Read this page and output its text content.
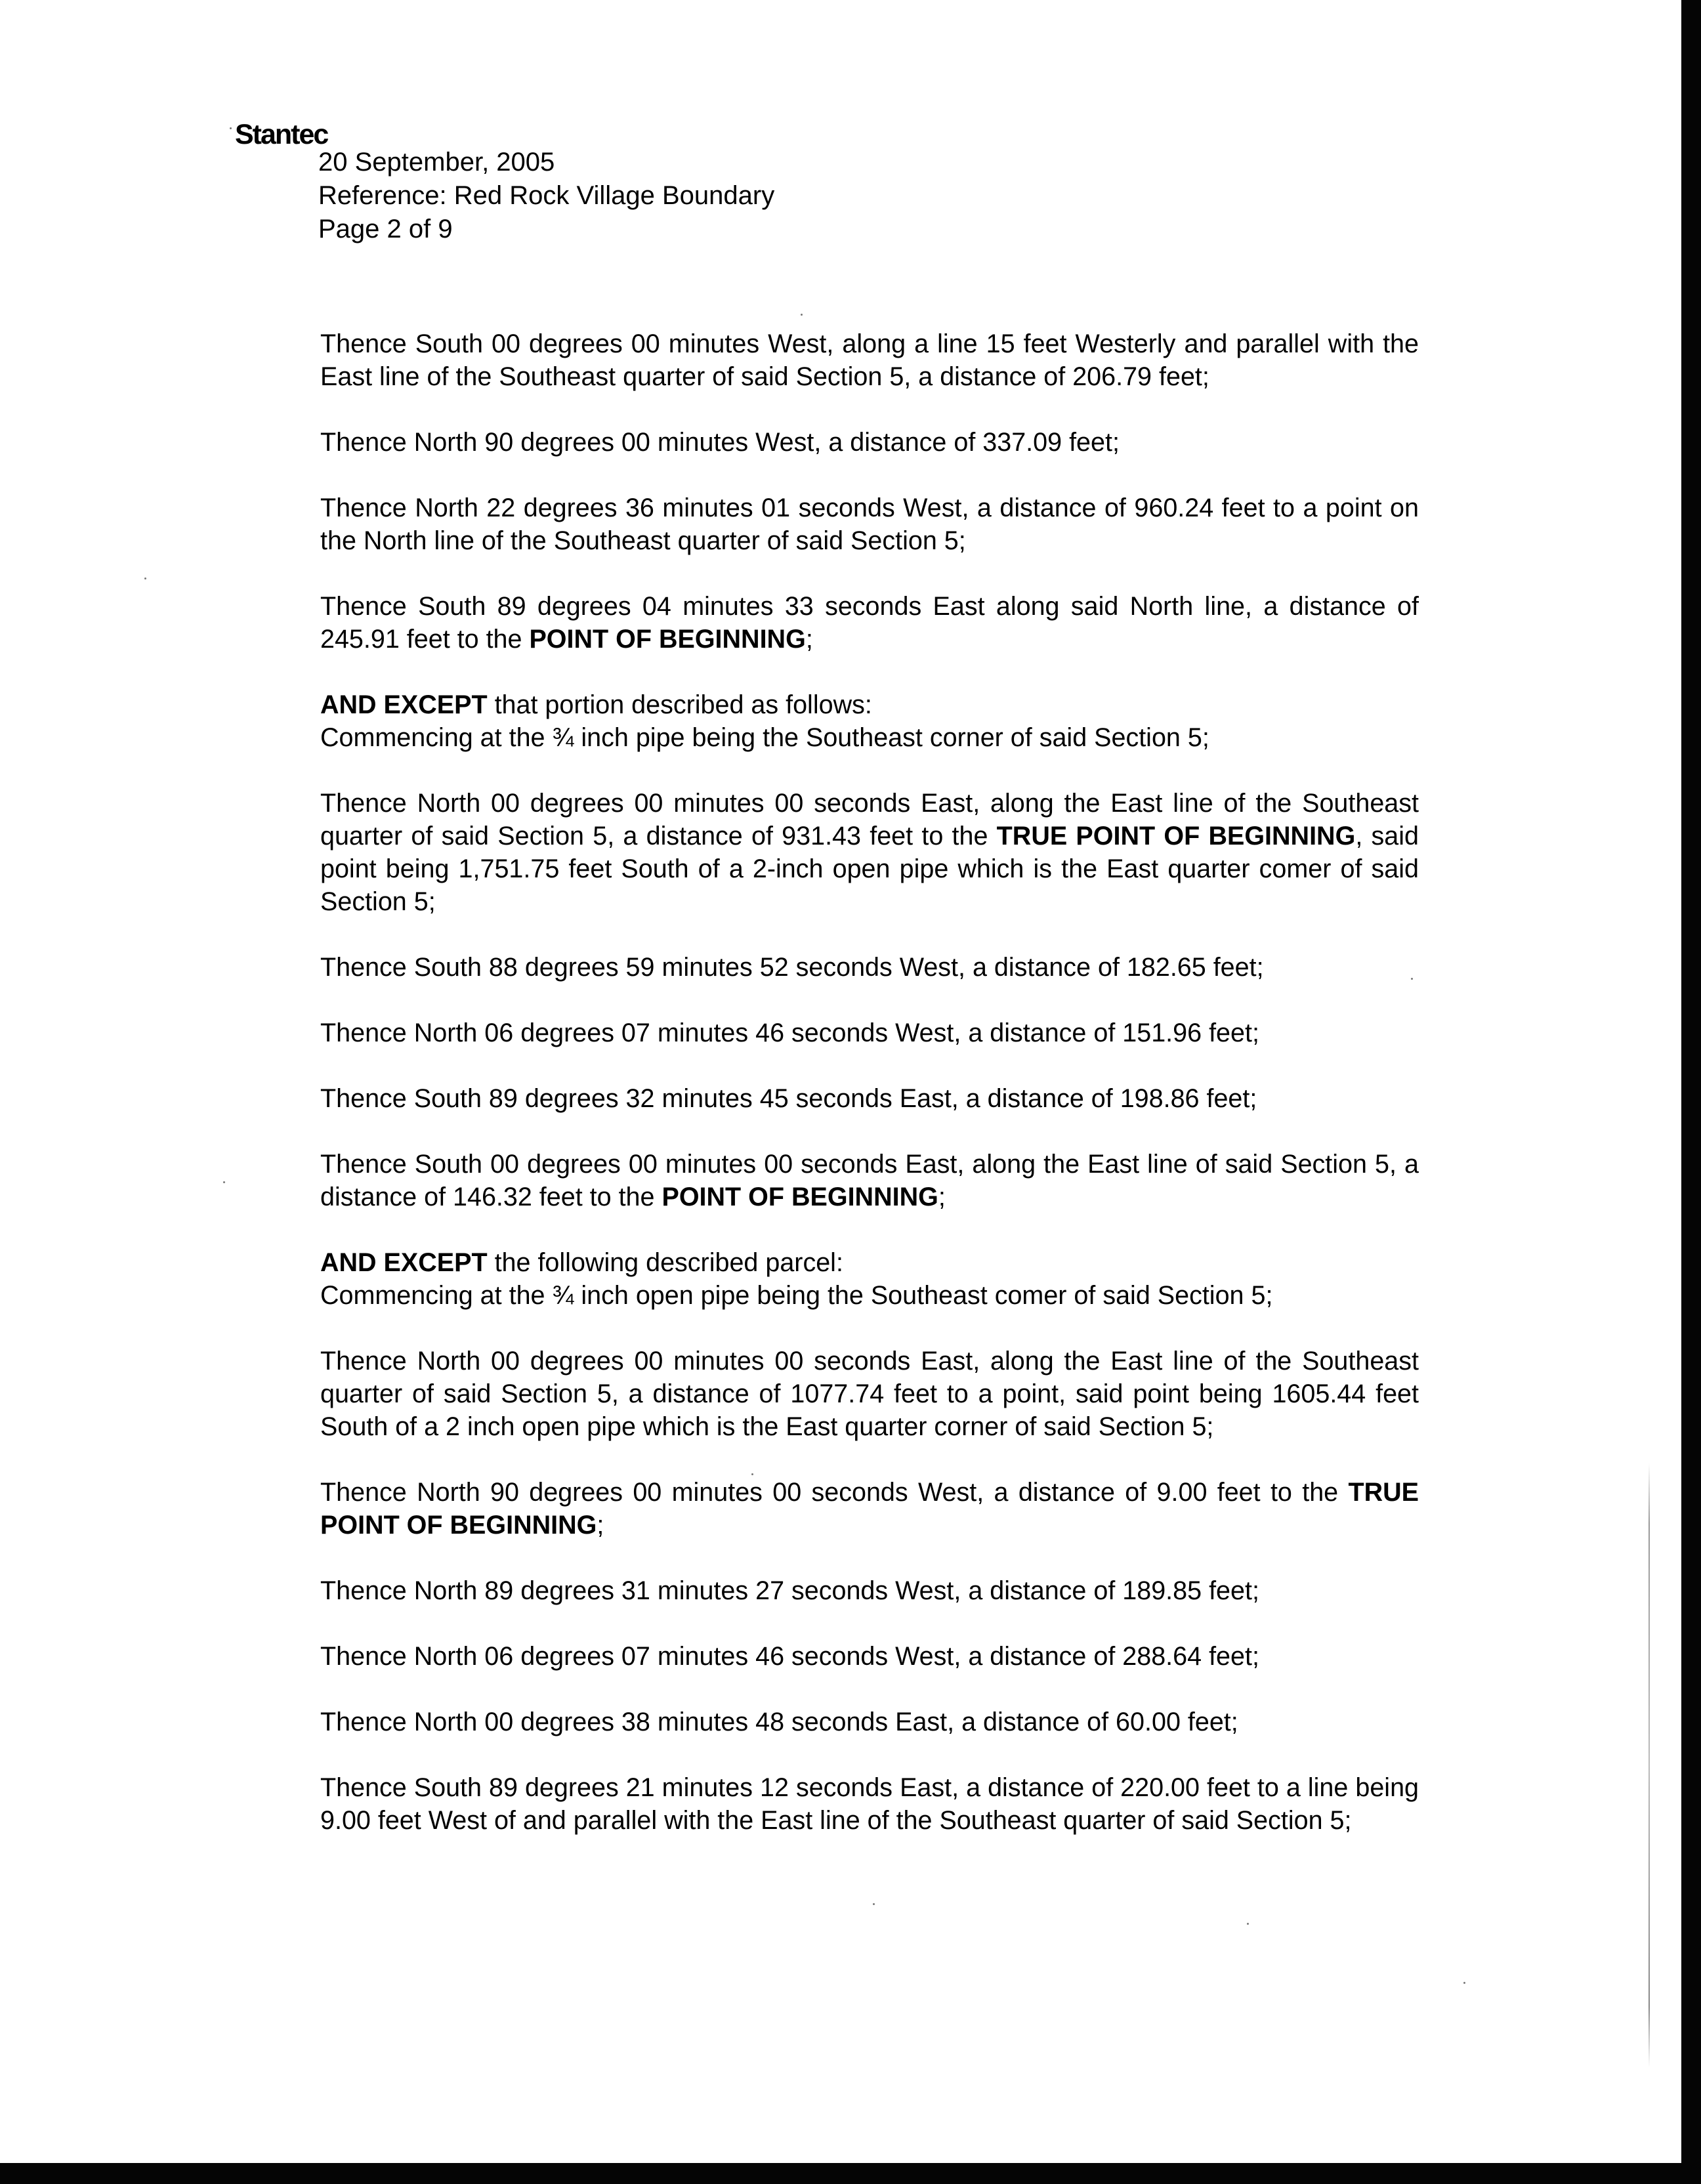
Stantec
20 September, 2005
Reference: Red Rock Village Boundary
Page 2 of 9

Thence South 00 degrees 00 minutes West, along a line 15 feet Westerly and parallel with the East line of the Southeast quarter of said Section 5, a distance of 206.79 feet;

Thence North 90 degrees 00 minutes West, a distance of 337.09 feet;

Thence North 22 degrees 36 minutes 01 seconds West, a distance of 960.24 feet to a point on the North line of the Southeast quarter of said Section 5;

Thence South 89 degrees 04 minutes 33 seconds East along said North line, a distance of 245.91 feet to the POINT OF BEGINNING;

AND EXCEPT that portion described as follows:

Commencing at the ¾ inch pipe being the Southeast corner of said Section 5;

Thence North 00 degrees 00 minutes 00 seconds East, along the East line of the Southeast quarter of said Section 5, a distance of 931.43 feet to the TRUE POINT OF BEGINNING, said point being 1,751.75 feet South of a 2-inch open pipe which is the East quarter comer of said Section 5;

Thence South 88 degrees 59 minutes 52 seconds West, a distance of 182.65 feet;

Thence North 06 degrees 07 minutes 46 seconds West, a distance of 151.96 feet;

Thence South 89 degrees 32 minutes 45 seconds East, a distance of 198.86 feet;

Thence South 00 degrees 00 minutes 00 seconds East, along the East line of said Section 5, a distance of 146.32 feet to the POINT OF BEGINNING;

AND EXCEPT the following described parcel:

Commencing at the ¾ inch open pipe being the Southeast comer of said Section 5;

Thence North 00 degrees 00 minutes 00 seconds East, along the East line of the Southeast quarter of said Section 5, a distance of 1077.74 feet to a point, said point being 1605.44 feet South of a 2 inch open pipe which is the East quarter corner of said Section 5;

Thence North 90 degrees 00 minutes 00 seconds West, a distance of 9.00 feet to the TRUE POINT OF BEGINNING;

Thence North 89 degrees 31 minutes 27 seconds West, a distance of 189.85 feet;

Thence North 06 degrees 07 minutes 46 seconds West, a distance of 288.64 feet;

Thence North 00 degrees 38 minutes 48 seconds East, a distance of 60.00 feet;

Thence South 89 degrees 21 minutes 12 seconds East, a distance of 220.00 feet to a line being 9.00 feet West of and parallel with the East line of the Southeast quarter of said Section 5;
